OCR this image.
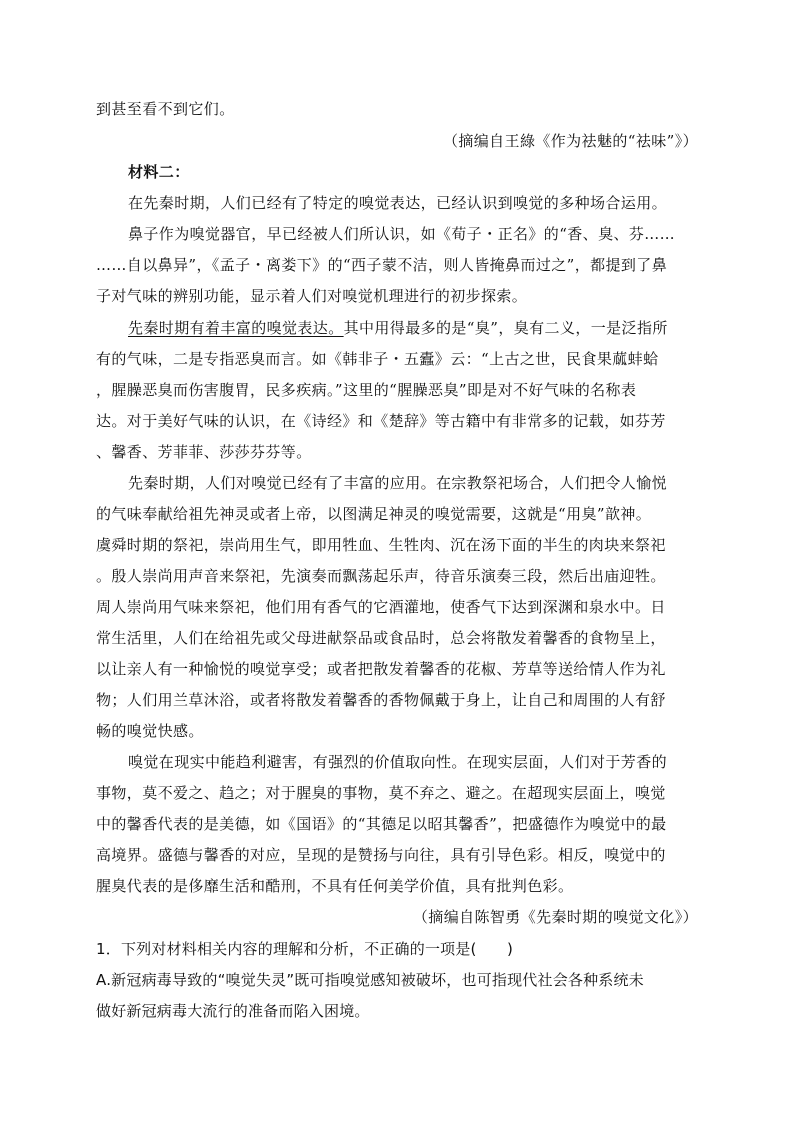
到甚至看不到它们。
（摘编自王綠《作为祛魅的“祛味”》）
材料二：
在先秦时期，人们已经有了特定的嗅觉表达，已经认识到嗅觉的多种场合运用。
鼻子作为嗅觉器官，早已经被人们所认识，如《荀子・正名》的“香、臭、芬……
……自以鼻异”，《孟子・离娄下》的“西子蒙不洁，则人皆掩鼻而过之”，都提到了鼻
子对气味的辨别功能，显示着人们对嗅觉机理进行的初步探索。
先秦时期有着丰富的嗅觉表达。其中用得最多的是“臭”，臭有二义，一是泛指所
有的气味，二是专指恶臭而言。如《韩非子・五蠹》云：“上古之世，民食果蓏蚌蛤
，腥臊恶臭而伤害腹胃，民多疾病。”这里的“腥臊恶臭”即是对不好气味的名称表
达。对于美好气味的认识，在《诗经》和《楚辞》等古籍中有非常多的记载，如芬芳
、馨香、芳菲菲、莎莎芬芬等。
先秦时期，人们对嗅觉已经有了丰富的应用。在宗教祭祀场合，人们把令人愉悦
的气味奉献给祖先神灵或者上帝，以图满足神灵的嗅觉需要，这就是“用臭”歆神。
虞舜时期的祭祀，崇尚用生气，即用牲血、生牲肉、沉在汤下面的半生的肉块来祭祀
。殷人崇尚用声音来祭祀，先演奏而飘荡起乐声，待音乐演奏三段，然后出庙迎牲。
周人崇尚用气味来祭祀，他们用有香气的它酒灌地，使香气下达到深渊和泉水中。日
常生活里，人们在给祖先或父母进献祭品或食品时，总会将散发着馨香的食物呈上，
以让亲人有一种愉悦的嗅觉享受；或者把散发着馨香的花椒、芳草等送给情人作为礼
物；人们用兰草沐浴，或者将散发着馨香的香物佩戴于身上，让自己和周围的人有舒
畅的嗅觉快感。
嗅觉在现实中能趋利避害，有强烈的价值取向性。在现实层面，人们对于芳香的
事物，莫不爱之、趋之；对于腥臭的事物，莫不弃之、避之。在超现实层面上，嗅觉
中的馨香代表的是美德，如《国语》的“其德足以昭其馨香”，把盛德作为嗅觉中的最
高境界。盛德与馨香的对应，呈现的是赞扬与向往，具有引导色彩。相反，嗅觉中的
腥臭代表的是侈靡生活和酷刑，不具有任何美学价值，具有批判色彩。
（摘编自陈智勇《先秦时期的嗅觉文化》）
1．下列对材料相关内容的理解和分析，不正确的一项是(　　)
A.新冠病毒导致的“嗅觉失灵”既可指嗅觉感知被破坏，也可指现代社会各种系统未
做好新冠病毒大流行的准备而陷入困境。
